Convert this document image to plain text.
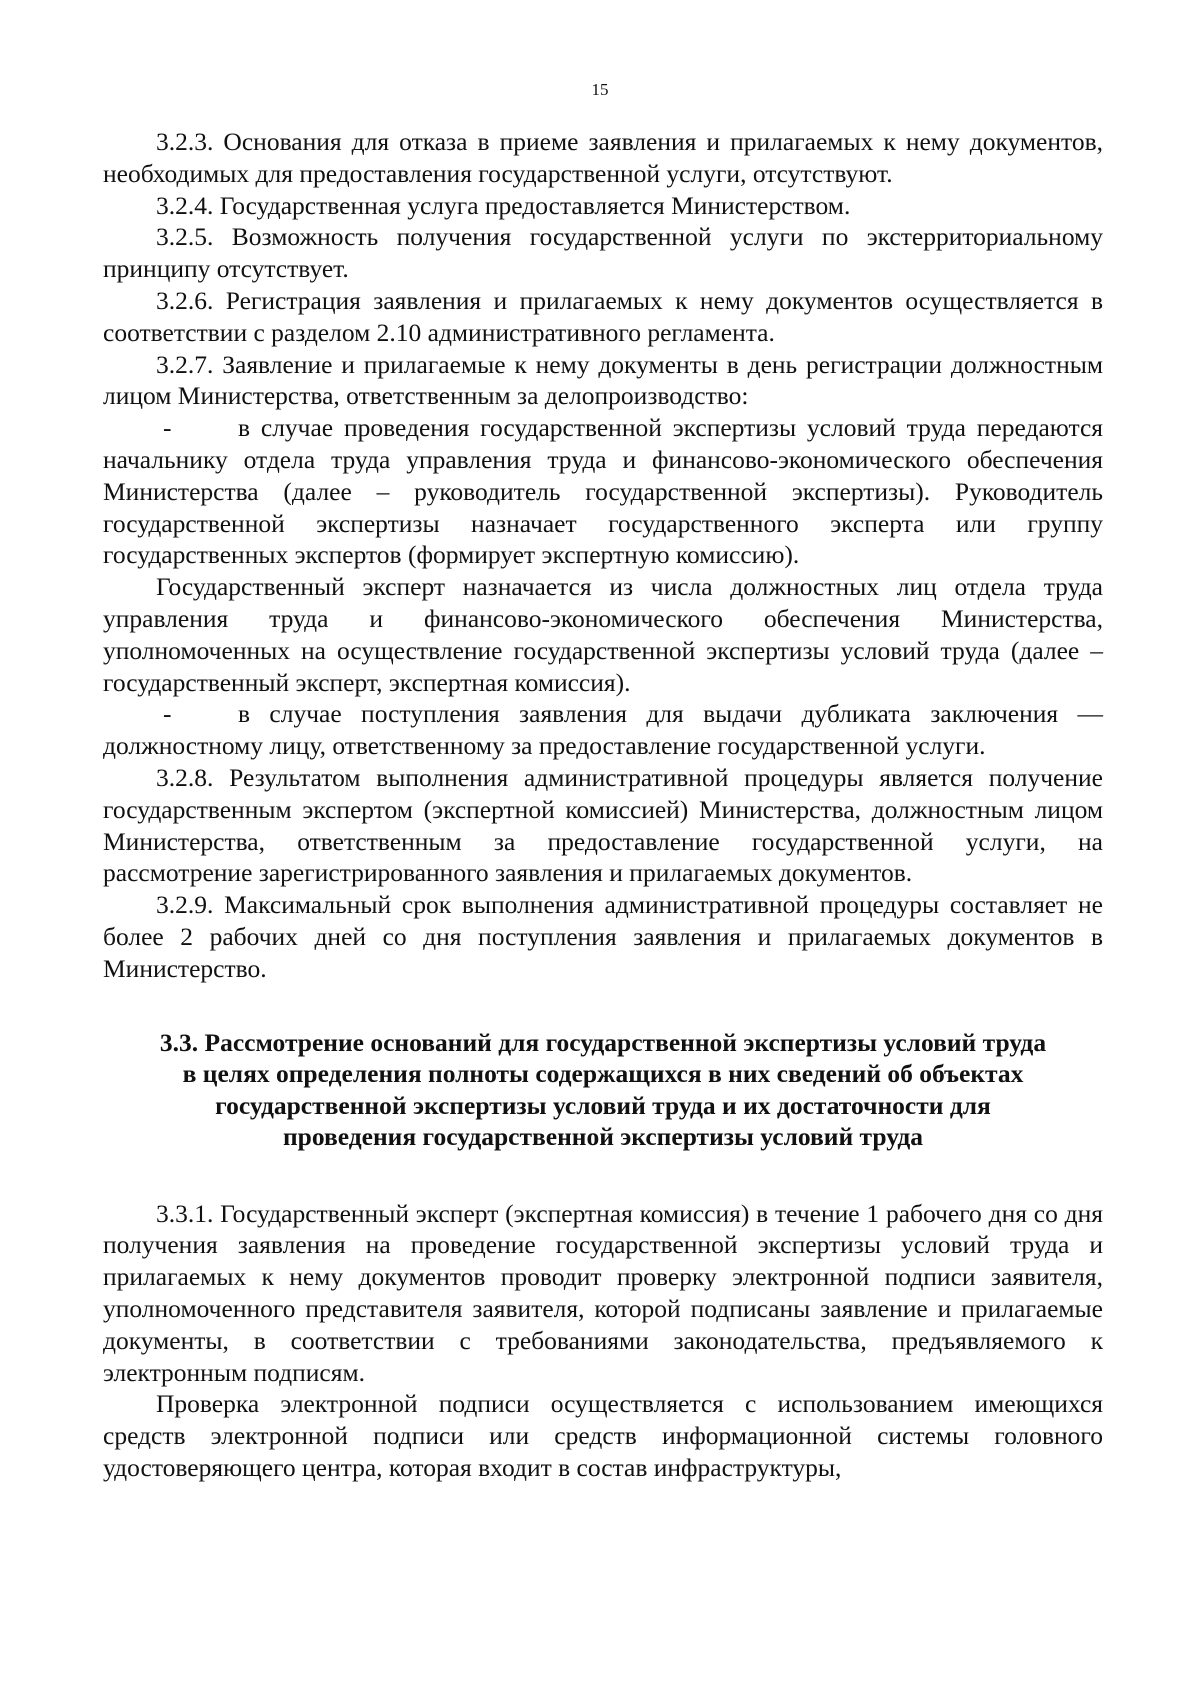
15

3.2.3. Основания для отказа в приеме заявления и прилагаемых к нему документов, необходимых для предоставления государственной услуги, отсутствуют.

3.2.4. Государственная услуга предоставляется Министерством.

3.2.5. Возможность получения государственной услуги по экстерриториальному принципу отсутствует.

3.2.6. Регистрация заявления и прилагаемых к нему документов осуществляется в соответствии с разделом 2.10 административного регламента.

3.2.7. Заявление и прилагаемые к нему документы в день регистрации должностным лицом Министерства, ответственным за делопроизводство:

-	в случае проведения государственной экспертизы условий труда передаются начальнику отдела труда управления труда и финансово-экономического обеспечения Министерства (далее – руководитель государственной экспертизы). Руководитель государственной экспертизы назначает государственного эксперта или группу государственных экспертов (формирует экспертную комиссию).

Государственный эксперт назначается из числа должностных лиц отдела труда управления труда и финансово-экономического обеспечения Министерства, уполномоченных на осуществление государственной экспертизы условий труда (далее – государственный эксперт, экспертная комиссия).

-	в случае поступления заявления для выдачи дубликата заключения — должностному лицу, ответственному за предоставление государственной услуги.

3.2.8. Результатом выполнения административной процедуры является получение государственным экспертом (экспертной комиссией) Министерства, должностным лицом Министерства, ответственным за предоставление государственной услуги, на рассмотрение зарегистрированного заявления и прилагаемых документов.

3.2.9. Максимальный срок выполнения административной процедуры составляет не более 2 рабочих дней со дня поступления заявления и прилагаемых документов в Министерство.

3.3. Рассмотрение оснований для государственной экспертизы условий труда
в целях определения полноты содержащихся в них сведений об объектах
государственной экспертизы условий труда и их достаточности для
проведения государственной экспертизы условий труда

3.3.1. Государственный эксперт (экспертная комиссия) в течение 1 рабочего дня со дня получения заявления на проведение государственной экспертизы условий труда и прилагаемых к нему документов проводит проверку электронной подписи заявителя, уполномоченного представителя заявителя, которой подписаны заявление и прилагаемые документы, в соответствии с требованиями законодательства, предъявляемого к электронным подписям.

Проверка электронной подписи осуществляется с использованием имеющихся средств электронной подписи или средств информационной системы головного удостоверяющего центра, которая входит в состав инфраструктуры,
